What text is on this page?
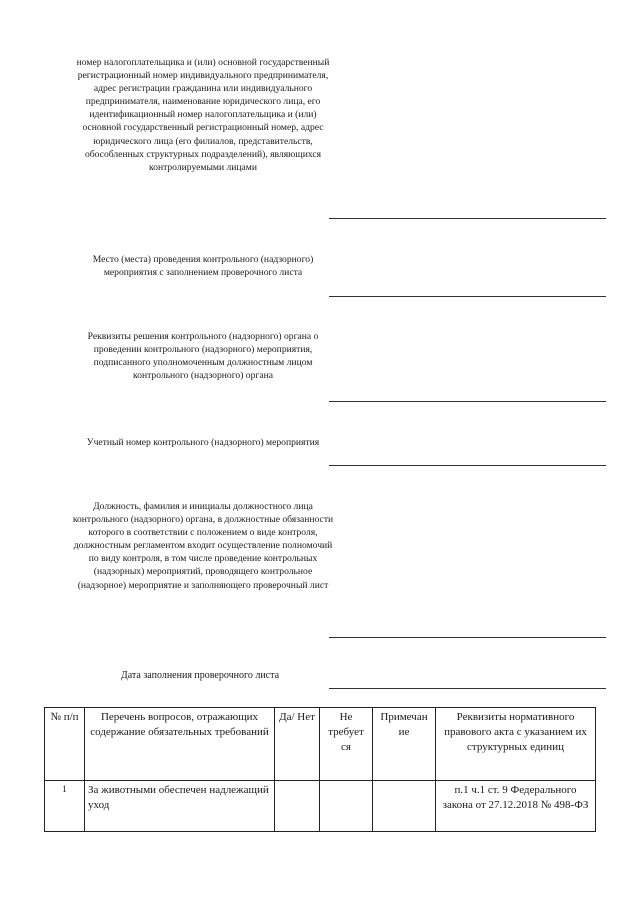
номер налогоплательщика и (или) основной государственный регистрационный номер индивидуального предпринимателя, адрес регистрации гражданина или индивидуального предпринимателя, наименование юридического лица, его идентификационный номер налогоплательщика и (или) основной государственный регистрационный номер, адрес юридического лица (его филиалов, представительств, обособленных структурных подразделений), являющихся контролируемыми лицами
Место (места) проведения контрольного (надзорного) мероприятия с заполнением проверочного листа
Реквизиты решения контрольного (надзорного) органа о проведении контрольного (надзорного) мероприятия, подписанного уполномоченным должностным лицом контрольного (надзорного) органа
Учетный номер контрольного (надзорного) мероприятия
Должность, фамилия и инициалы должностного лица контрольного (надзорного) органа, в должностные обязанности которого в соответствии с положением о виде контроля, должностным регламентом входит осуществление полномочий по виду контроля, в том числе проведение контрольных (надзорных) мероприятий, проводящего контрольное (надзорное) мероприятие и заполняющего проверочный лист
Дата заполнения проверочного листа
№ п/п	Перечень вопросов, отражающих содержание обязательных требований	Да/ Нет	Не требует ся	Примечан ие	Реквизиты нормативного правового акта с указанием их структурных единиц
1	За животными обеспечен надлежащий уход				п.1 ч.1 ст. 9 Федерального закона от 27.12.2018 № 498-ФЗ
